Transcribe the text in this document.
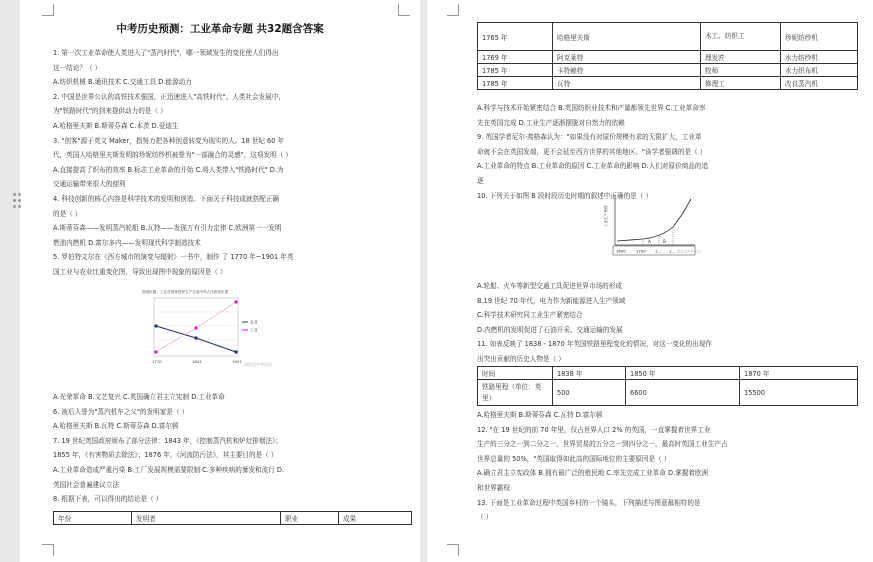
中考历史预测：工业革命专题 共32题含答案
1. 第一次工业革命使人类进入了"蒸汽时代"，哪一领域发生的变化使人们得出
这一结论？（ ）
A.纺织机械 B.通讯技术 C.交通工具 D.能源动力
2. 中国是世界公认的高铁技术强国，正迅速进入"高铁时代"。人类社会发展中，
为"铁路时代"的到来提供动力的是（ ）
A.哈格里夫斯 B.斯蒂芬森 C.本茨 D.爱迪生
3. "创客"源于英文 Maker，指努力把各种创意转变为现实的人。18 世纪 60 年
代，英国人哈格里夫斯发明的珍妮纺纱机被誉为"一部融合的灵感"，这项发明（ ）
A.直接提高了织布的效率 B.标志工业革命的开始 C.将人类带入"铁路时代" D.为
交通运输带来很大的便利
4. 科技创新的核心内容是科学技术的发明和创造。下面关于科技成就搭配正确
的是（ ）
A.斯蒂芬森——发明蒸汽轮船 B.瓦特——发现万有引力定律 C.欧洲第一一发明
燃油内燃机 D.富尔多内——发明现代科学制造技术
5. 罗伯特文尔在《西方城市的演变与辐射》一书中，制作 了 1770 年~1901 年英
国工业与农业比重变化图，导致出现图中现象的原因是（ ）
图表标题：工业在国家国民生产总值中所占比例变化图
农业
工业
1770	1841	1901
知识点中考历史
A.光荣革命 B.文艺复兴 C.英国确立君主立宪制 D.工业革命
6. 被后人誉为"蒸汽机车之父"的发明家是（ ）
A.哈格里夫斯 B.瓦特 C.斯蒂芬森 D.富尔顿
7. 19 世纪英国政府颁布了部分法律：1843 年，《控制蒸汽机和炉灶排烟法》；
1855 年，《有害物质去除法》；1876 年，《河流防污法》，其主要目的是（ ）
A.工业革命造成严重污染 B.工厂发展规模需要限制 C.多种疾病的暴发和流行 D.
英国社会普遍建议立法
8. 根据下表，可以得出的结论是（ ）
年份	发明者	职业	成果
1765 年	哈格里夫斯	木工、纺织工	珍妮纺纱机
1769 年	阿克莱特	理发匠	水力纺纱机
1785 年	卡特赖特	牧师	水力织布机
1785 年	瓦特	修理工	改良蒸汽机
A.科学与技术开始紧密结合 B.英国纺织业技术和产量都领先世界 C.工业革命率
先在英国完成 D.工业生产逐渐摆脱对自然力的依赖
9. 英国学者尼尔·弗格森认为："如果没有对原价规模有求的无限扩大，工业革
命就不会在英国发端，更不会延至西方世界的其他地区。"该学者强调的是（ ）
A.工业革命的特点 B.工业革命的原因 C.工业革命的影响 D.人们对原价商品的追
逐
10. 下列关于如图 B 段时段历史时期的叙述中正确的是（ ）
工业生产规模
A	B
1600	1700 1... 1... 知识点中考历史
A.轮船、火车等新型交通工具促进世界市场的形成
B.19 世纪 70 年代，电力作为新能源进入生产领域
C.科学技术研究同工业生产紧密结合
D.内燃机的发明促进了石油开采、交通运输的发展
11. 如表反映了 1838 - 1870 年英国铁路里程变化的情况，对这一变化的出现作
出突出贡献的历史人物是（ ）
时间	1838 年	1850 年	1870 年
铁路里程（单位：英里）	500	6600	15500
A.哈格里夫斯 B.斯蒂芬森 C.瓦特 D.富尔顿
12. "在 19 世纪的前 70 年里，仅占世界人口 2% 的英国，一直掌握着世界工业
生产的三分之一到二分之一，世界贸易的五分之一到四分之一，最高时英国工业生产占
世界总量的 50%，"英国取得如此高的国际地位的主要原因是（ ）
A.确立君主立宪政体 B.拥有最广泛的殖民地 C.率先完成工业革命 D.掌握着欧洲
和世界霸权
13. 下面是工业革命过程中英国乡村的一个镜头，下列描述与图意最相符的是
（ ）
